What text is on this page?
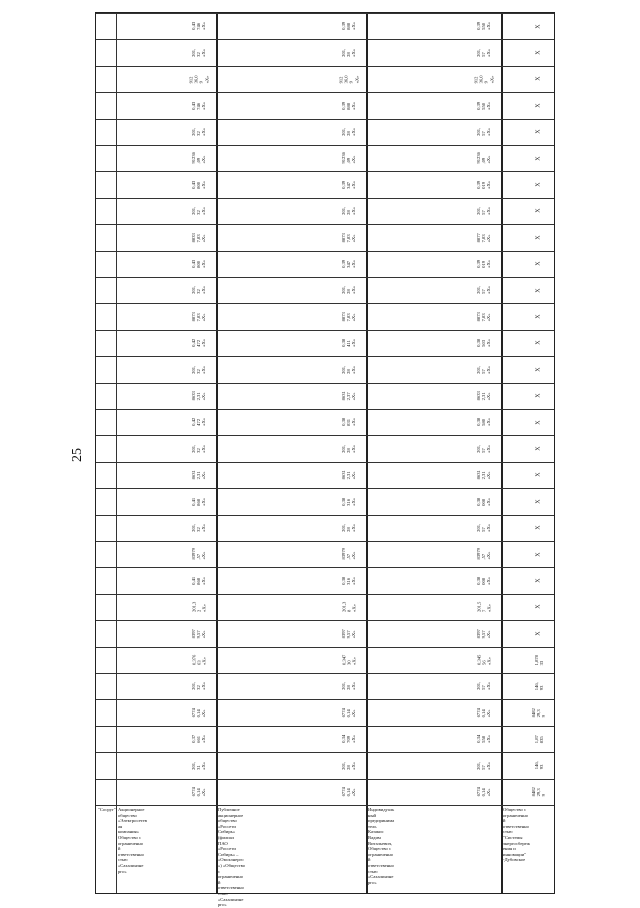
25
"Сосруг" Акционерное
общество
«Электросетев
ая
компания»
Общество с
ограниченно
й
ответственно
стью
«Сахалинэне
рго»
6774
0,14
«Х»
201,
31
«Х»
0,37
661
«Х»
6774
0,14
«Х»
201,
32
«Х»
0,376
63
«Х»
8397
9,57
«Х»
201,3
2
«Х»
0,41
868
«Х»
83979
,57
«Х»
201,
32
«Х»
0,41
868
«Х»
8631
2,31
«Х»
201,
32
«Х»
0,42
472
«Х»
8633
2,31
«Х»
201,
32
«Х»
0,42
472
«Х»
8873
7,83
«Х»
201,
32
«Х»
0,43
800
«Х»
8833
7,83
«Х»
201,
32
«Х»
0,43
800
«Х»
91236
,09
«Х»
201,
32
«Х»
0,43
746
«Х»
912
36,0
9
«Х»
201,
32
«Х»
0,43
746
«Х»
Публичное
акционерное
общество
«Россети
Сибирь»
(филиал
ПАО
«Россети
Сибирь» –
«Омскэнерго
») «Общество
с
ограниченно
й
ответственно
стью
«Сахалинэне
рго»
6774
0,14
«Х»
201,
28
«Х»
0,34
709
«Х»
6774
0,14
«Х»
201,
28
«Х»
0,347
30
«Х»
8397
9,57
«Х»
201,3
8
«Х»
0,38
316
«Х»
83979
,57
«Х»
201,
28
«Х»
0,38
316
«Х»
8631
2,31
«Х»
201,
28
«Х»
0,38
831
«Х»
8631
2,37
«Х»
201,
28
«Х»
0,38
411
«Х»
8873
7,83
«Х»
201,
28
«Х»
0,39
347
«Х»
8873
7,83
«Х»
201,
28
«Х»
0,39
347
«Х»
91236
,09
«Х»
201,
28
«Х»
0,39
888
«Х»
912
36,0
9
«Х»
201,
28
«Х»
0,39
888
«Х»
Индивидуаль
ный
предпринима
тель
Казакис
Вадим
Витальевич,
Общество с
ограниченно
й
ответственно
стью
«Сахалинэне
рго»
6774
0,14
«Х»
201,
57
«Х»
0,34
558
«Х»
6774
0,14
«Х»
201,
57
«Х»
0,345
56
«Х»
8397
9,57
«Х»
201,5
7
«Х»
0,38
008
«Х»
83979
,57
«Х»
201,
57
«Х»
0,38
008
«Х»
8631
2,31
«Х»
201,
57
«Х»
0,38
580
«Х»
8633
2,31
«Х»
201,
57
«Х»
0,38
503
«Х»
8873
7,83
«Х»
201,
57
«Х»
0,39
019
«Х»
8877
7,83
«Х»
201,
57
«Х»
0,39
019
«Х»
91236
,09
«Х»
201,
57
«Х»
0,39
550
«Х»
912
36,0
9
«Х»
201,
57
«Х»
0,39
550
«Х»
Общество с
ограниченно
й
ответственно
стью
"Системы
энергосбереж
ения и
инновации"
-Дубовское
8482
29,3
9
146,
93
1,87
835
8482
29,3
9
146,
93
1,878
33
Х
Х
Х
Х
Х
Х
Х
Х
Х
Х
Х
Х
Х
Х
Х
Х
Х
Х
Х
Х
Х
Х
Х
Х
